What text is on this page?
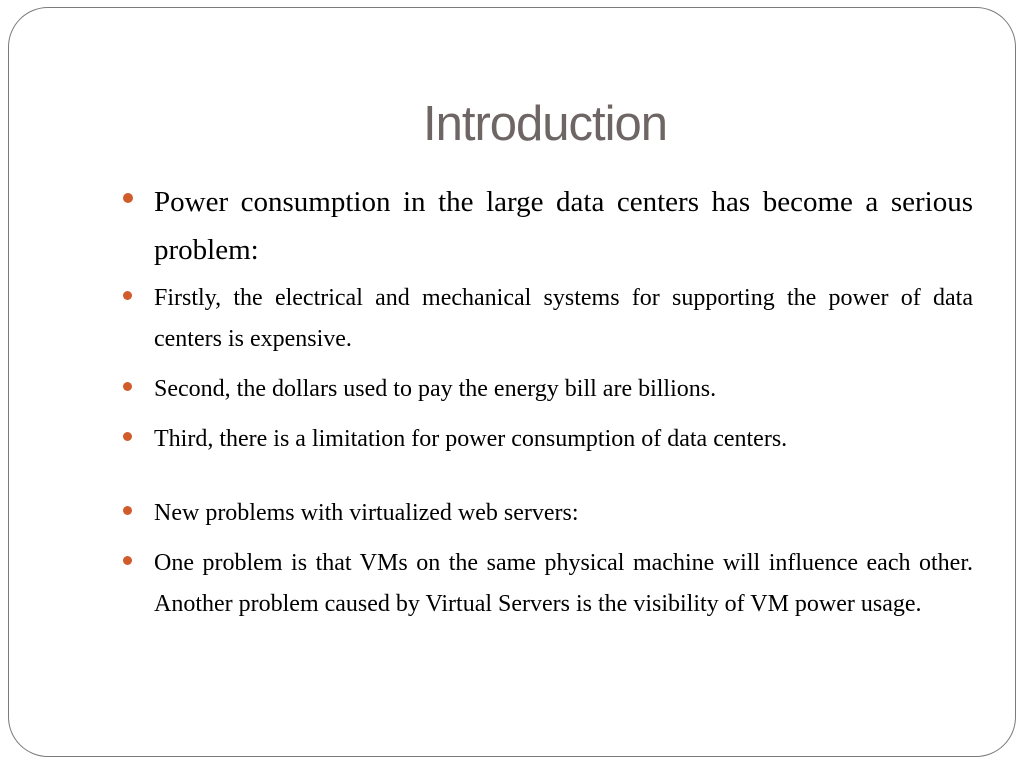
Introduction
Power consumption in the large data centers has become a serious problem:
Firstly, the electrical and mechanical systems for supporting the power of data centers is expensive.
Second, the dollars used to pay the energy bill are billions.
Third, there is a limitation for power consumption of data centers.
New problems with virtualized web servers:
One problem is that VMs on the same physical machine will influence each other. Another problem caused by Virtual Servers is the visibility of VM power usage.
